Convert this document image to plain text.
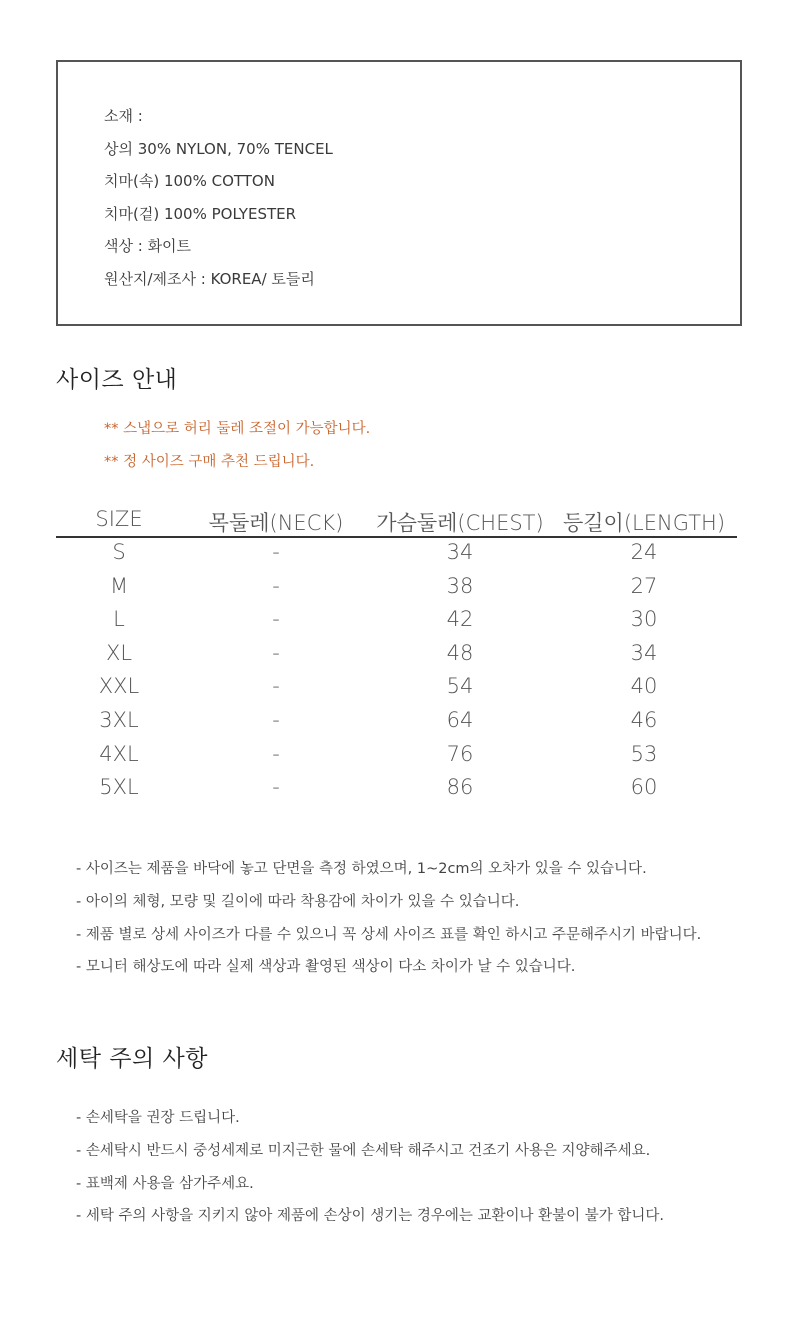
소재 :
상의 30% NYLON, 70% TENCEL
치마(속) 100% COTTON
치마(겉) 100% POLYESTER
색상 : 화이트
원산지/제조사 : KOREA/ 토들리
사이즈 안내
** 스냅으로 허리 둘레 조절이 가능합니다.
** 정 사이즈 구매 추천 드립니다.
SIZE	목둘레(NECK) 가슴둘레(CHEST) 등길이(LENGTH)
S	-	34	24
M	-	38	27
L	-	42	30
XL	-	48	34
XXL	-	54	40
3XL	-	64	46
4XL	-	76	53
5XL	-	86	60
- 사이즈는 제품을 바닥에 놓고 단면을 측정 하였으며, 1~2cm의 오차가 있을 수 있습니다.
- 아이의 체형, 모량 및 길이에 따라 착용감에 차이가 있을 수 있습니다.
- 제품 별로 상세 사이즈가 다를 수 있으니 꼭 상세 사이즈 표를 확인 하시고 주문해주시기 바랍니다.
- 모니터 해상도에 따라 실제 색상과 촬영된 색상이 다소 차이가 날 수 있습니다.
세탁 주의 사항
- 손세탁을 권장 드립니다.
- 손세탁시 반드시 중성세제로 미지근한 물에 손세탁 해주시고 건조기 사용은 지양해주세요.
- 표백제 사용을 삼가주세요.
- 세탁 주의 사항을 지키지 않아 제품에 손상이 생기는 경우에는 교환이나 환불이 불가 합니다.
